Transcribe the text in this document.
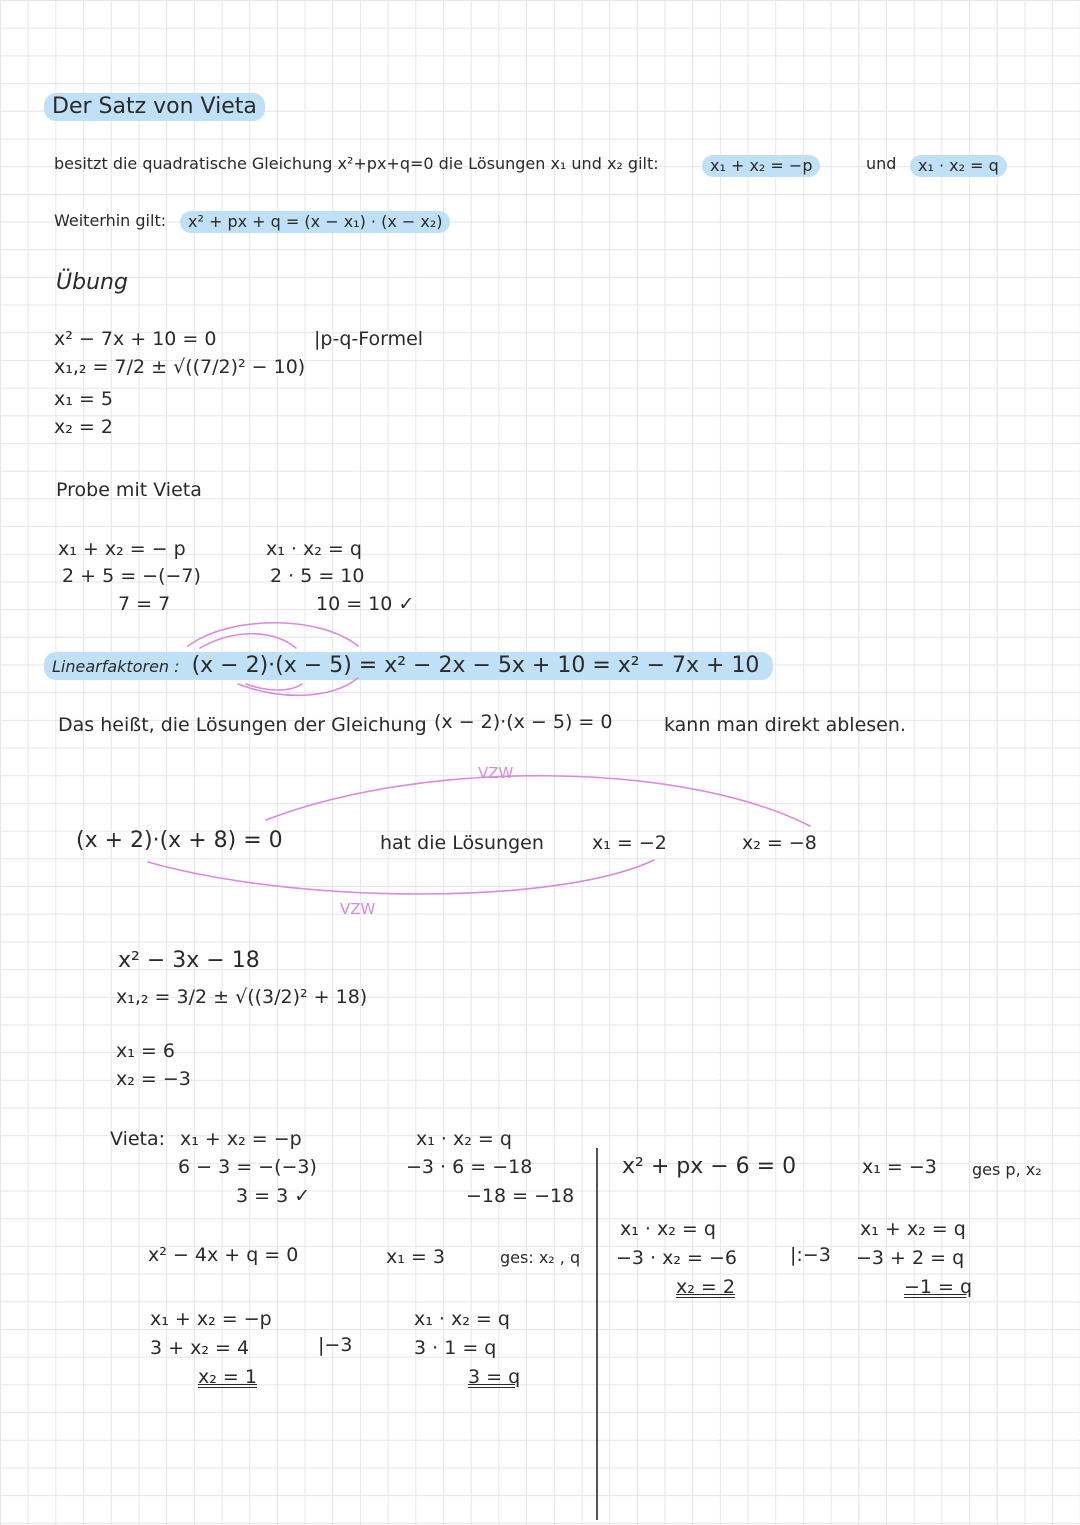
Der Satz von Vieta
besitzt die quadratische Gleichung x²+px+q=0 die Lösungen x₁ und x₂ gilt:	x₁ + x₂ = −p	und	x₁ · x₂ = q
Weiterhin gilt:	x² + px + q = (x − x₁) · (x − x₂)
Übung
x² − 7x + 10 = 0
x₁,₂ = 7/2 ± √((7/2)² − 10)
x₁ = 5
x₂ = 2
|p-q-Formel
Probe mit Vieta
x₁ + x₂ = − p
2 + 5 = −(−7)
7 = 7
x₁ · x₂ = q
2 · 5 = 10
10 = 10 ✓
Linearfaktoren : (x − 2)·(x − 5) = x² − 2x − 5x + 10 = x² − 7x + 10
Das heißt, die Lösungen der Gleichung (x − 2)·(x − 5) = 0	kann man direkt ablesen.
VZW
(x + 2)·(x + 8) = 0	hat die Lösungen	x₁ = −2	x₂ = −8
VZW
x² − 3x − 18
x₁,₂ = 3/2 ± √((3/2)² + 18)
x₁ = 6
x₂ = −3
Vieta: x₁ + x₂ = −p
6 − 3 = −(−3)
3 = 3 ✓
x₁ · x₂ = q
−3 · 6 = −18
−18 = −18
x² − 4x + q = 0	x₁ = 3	ges: x₂ , q
x₁ + x₂ = −p
3 + x₂ = 4
x₂ = 1
|−3
x₁ · x₂ = q
3 · 1 = q
3 = q
x² + px − 6 = 0	x₁ = −3 ges p, x₂
x₁ · x₂ = q
−3 · x₂ = −6
x₂ = 2
|:−3
x₁ + x₂ = q
−3 + 2 = q
−1 = q
